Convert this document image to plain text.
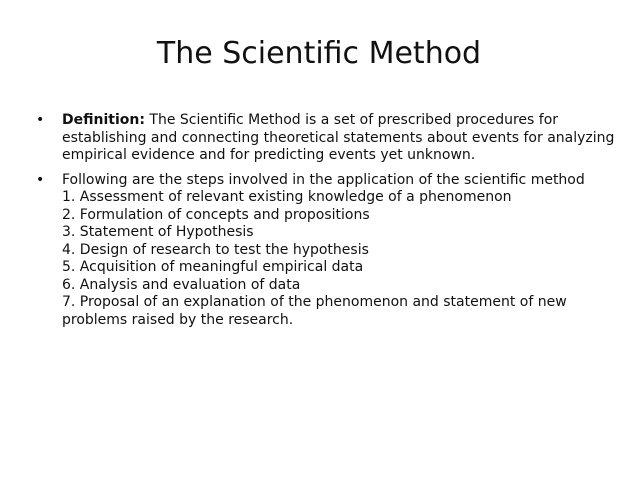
The Scientific Method
• Definition: The Scientific Method is a set of prescribed procedures for establishing and connecting theoretical statements about events for analyzing empirical evidence and for predicting events yet unknown.
• Following are the steps involved in the application of the scientific method
1. Assessment of relevant existing knowledge of a phenomenon
2. Formulation of concepts and propositions
3. Statement of Hypothesis
4. Design of research to test the hypothesis
5. Acquisition of meaningful empirical data
6. Analysis and evaluation of data
7. Proposal of an explanation of the phenomenon and statement of new problems raised by the research.
